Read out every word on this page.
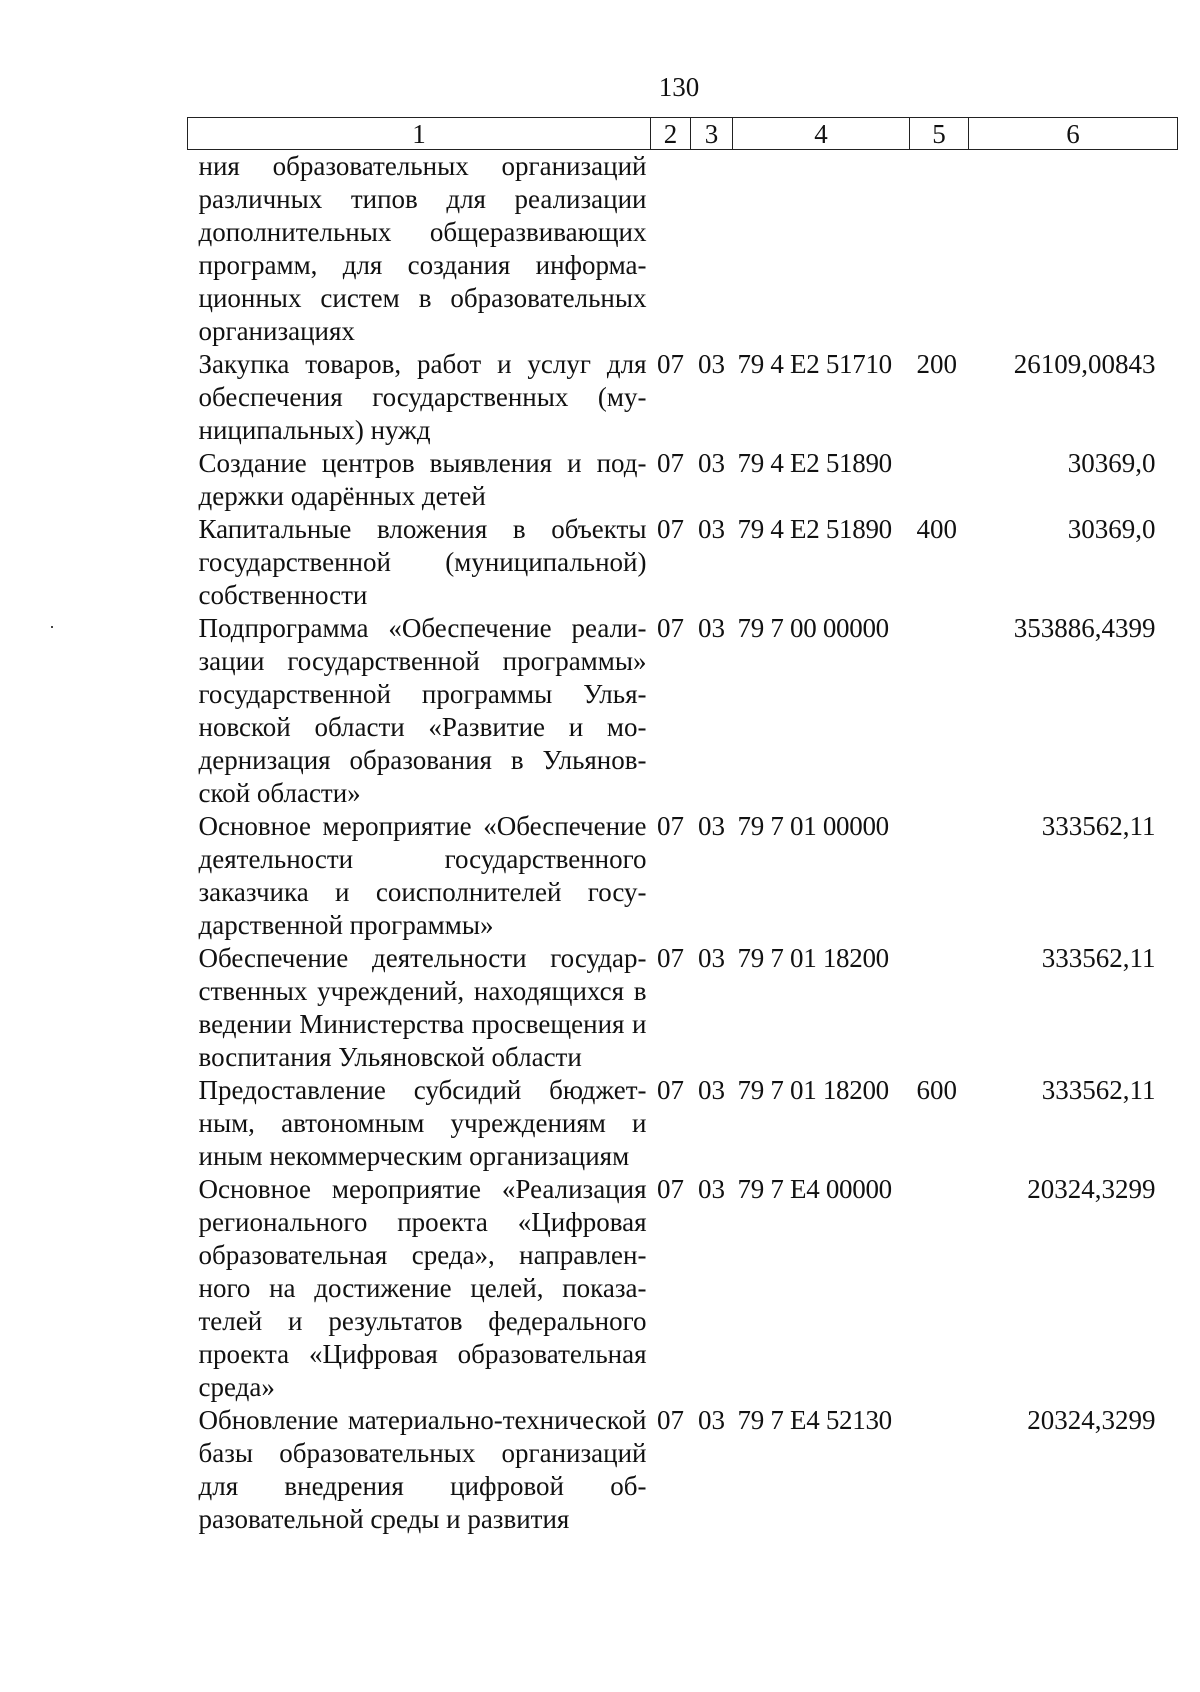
130
1	2	3	4	5	6
ния образовательных организаций различных типов для реализации дополнительных общеразвивающих программ, для создания информационных систем в образовательных организациях					
Закупка товаров, работ и услуг для обеспечения государственных (муниципальных) нужд	07	03	79 4 E2 51710	200	26109,00843
Создание центров выявления и поддержки одарённых детей	07	03	79 4 E2 51890		30369,0
Капитальные вложения в объекты государственной (муниципальной) собственности	07	03	79 4 E2 51890	400	30369,0
Подпрограмма «Обеспечение реализации государственной программы» государственной программы Ульяновской области «Развитие и модернизация образования в Ульяновской области»	07	03	79 7 00 00000		353886,4399
Основное мероприятие «Обеспечение деятельности государственного заказчика и соисполнителей государственной программы»	07	03	79 7 01 00000		333562,11
Обеспечение деятельности государственных учреждений, находящихся в ведении Министерства просвещения и воспитания Ульяновской области	07	03	79 7 01 18200		333562,11
Предоставление субсидий бюджетным, автономным учреждениям и иным некоммерческим организациям	07	03	79 7 01 18200	600	333562,11
Основное мероприятие «Реализация регионального проекта «Цифровая образовательная среда», направленного на достижение целей, показателей и результатов федерального проекта «Цифровая образовательная среда»	07	03	79 7 E4 00000		20324,3299
Обновление материально-технической базы образовательных организаций для внедрения цифровой образовательной среды и развития	07	03	79 7 E4 52130		20324,3299
